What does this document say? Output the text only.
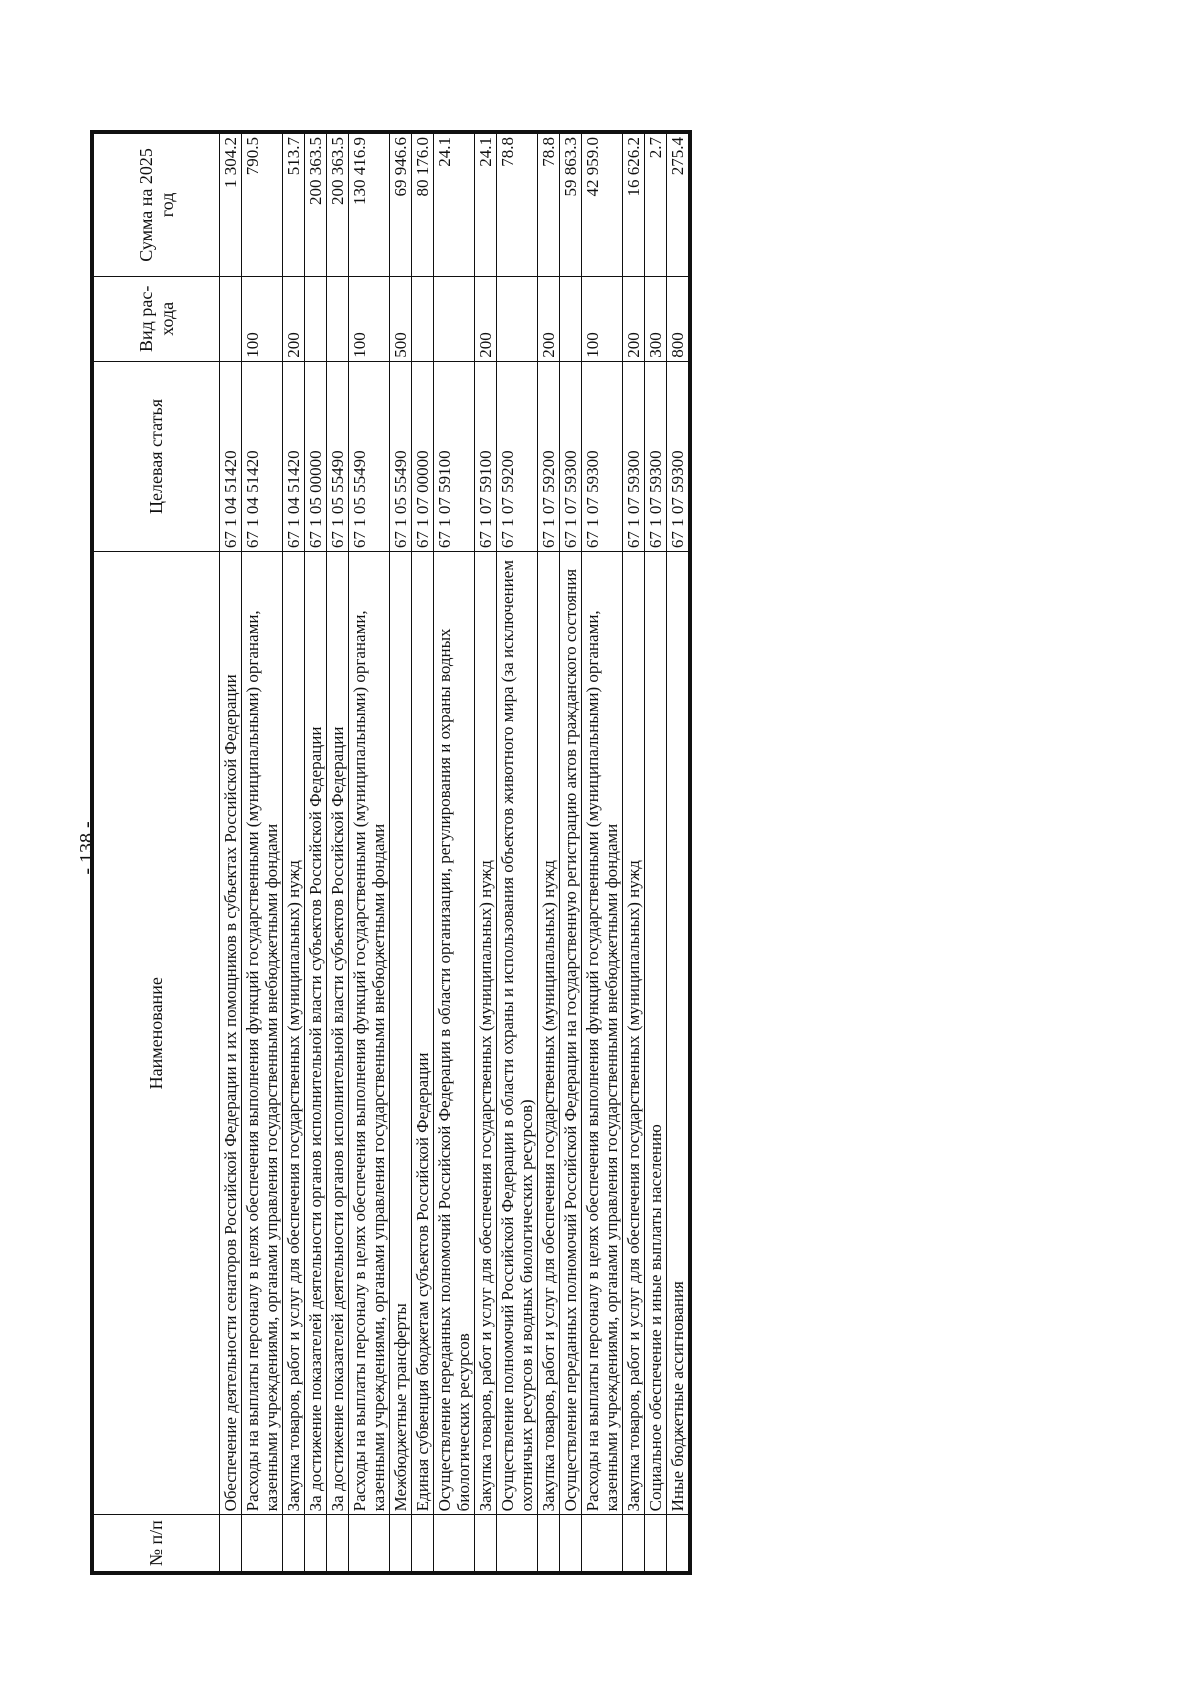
- 138 -
№ п/п	Наименование	Целевая статья	Вид рас- хода	Сумма на 2025 год
	Обеспечение деятельности сенаторов Российской Федерации и их помощников в субъектах Российской Федерации	67 1 04 51420		1 304.2
	Расходы на выплаты персоналу в целях обеспечения выполнения функций государственными (муниципальными) органами, казенными учреждениями, органами управления государственными внебюджетными фондами	67 1 04 51420	100	790.5
	Закупка товаров, работ и услуг для обеспечения государственных (муниципальных) нужд	67 1 04 51420	200	513.7
	За достижение показателей деятельности органов исполнительной власти субъектов Российской Федерации	67 1 05 00000		200 363.5
	За достижение показателей деятельности органов исполнительной власти субъектов Российской Федерации	67 1 05 55490		200 363.5
	Расходы на выплаты персоналу в целях обеспечения выполнения функций государственными (муниципальными) органами, казенными учреждениями, органами управления государственными внебюджетными фондами	67 1 05 55490	100	130 416.9
	Межбюджетные трансферты	67 1 05 55490	500	69 946.6
	Единая субвенция бюджетам субъектов Российской Федерации	67 1 07 00000		80 176.0
	Осуществление переданных полномочий Российской Федерации в области организации, регулирования и охраны водных биологических ресурсов	67 1 07 59100		24.1
	Закупка товаров, работ и услуг для обеспечения государственных (муниципальных) нужд	67 1 07 59100	200	24.1
	Осуществление полномочий Российской Федерации в области охраны и использования объектов животного мира (за исключением охотничьих ресурсов и водных биологических ресурсов)	67 1 07 59200		78.8
	Закупка товаров, работ и услуг для обеспечения государственных (муниципальных) нужд	67 1 07 59200	200	78.8
	Осуществление переданных полномочий Российской Федерации на государственную регистрацию актов гражданского состояния	67 1 07 59300		59 863.3
	Расходы на выплаты персоналу в целях обеспечения выполнения функций государственными (муниципальными) органами, казенными учреждениями, органами управления государственными внебюджетными фондами	67 1 07 59300	100	42 959.0
	Закупка товаров, работ и услуг для обеспечения государственных (муниципальных) нужд	67 1 07 59300	200	16 626.2
	Социальное обеспечение и иные выплаты населению	67 1 07 59300	300	2.7
	Иные бюджетные ассигнования	67 1 07 59300	800	275.4
